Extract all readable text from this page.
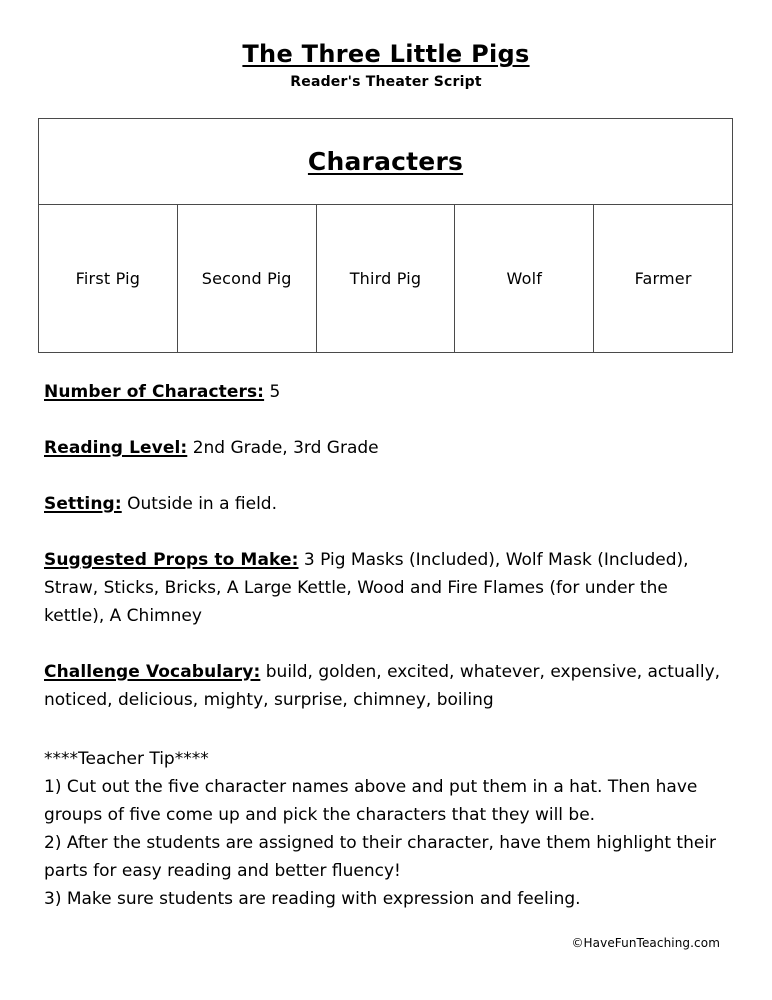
The Three Little Pigs
Reader's Theater Script
Characters
First Pig	Second Pig	Third Pig	Wolf	Farmer
Number of Characters: 5
Reading Level: 2nd Grade, 3rd Grade
Setting: Outside in a field.
Suggested Props to Make: 3 Pig Masks (Included), Wolf Mask (Included), Straw, Sticks, Bricks, A Large Kettle, Wood and Fire Flames (for under the kettle), A Chimney
Challenge Vocabulary: build, golden, excited, whatever, expensive, actually, noticed, delicious, mighty, surprise, chimney, boiling
****Teacher Tip****
1) Cut out the five character names above and put them in a hat. Then have groups of five come up and pick the characters that they will be.
2) After the students are assigned to their character, have them highlight their parts for easy reading and better fluency!
3) Make sure students are reading with expression and feeling.
©HaveFunTeaching.com
